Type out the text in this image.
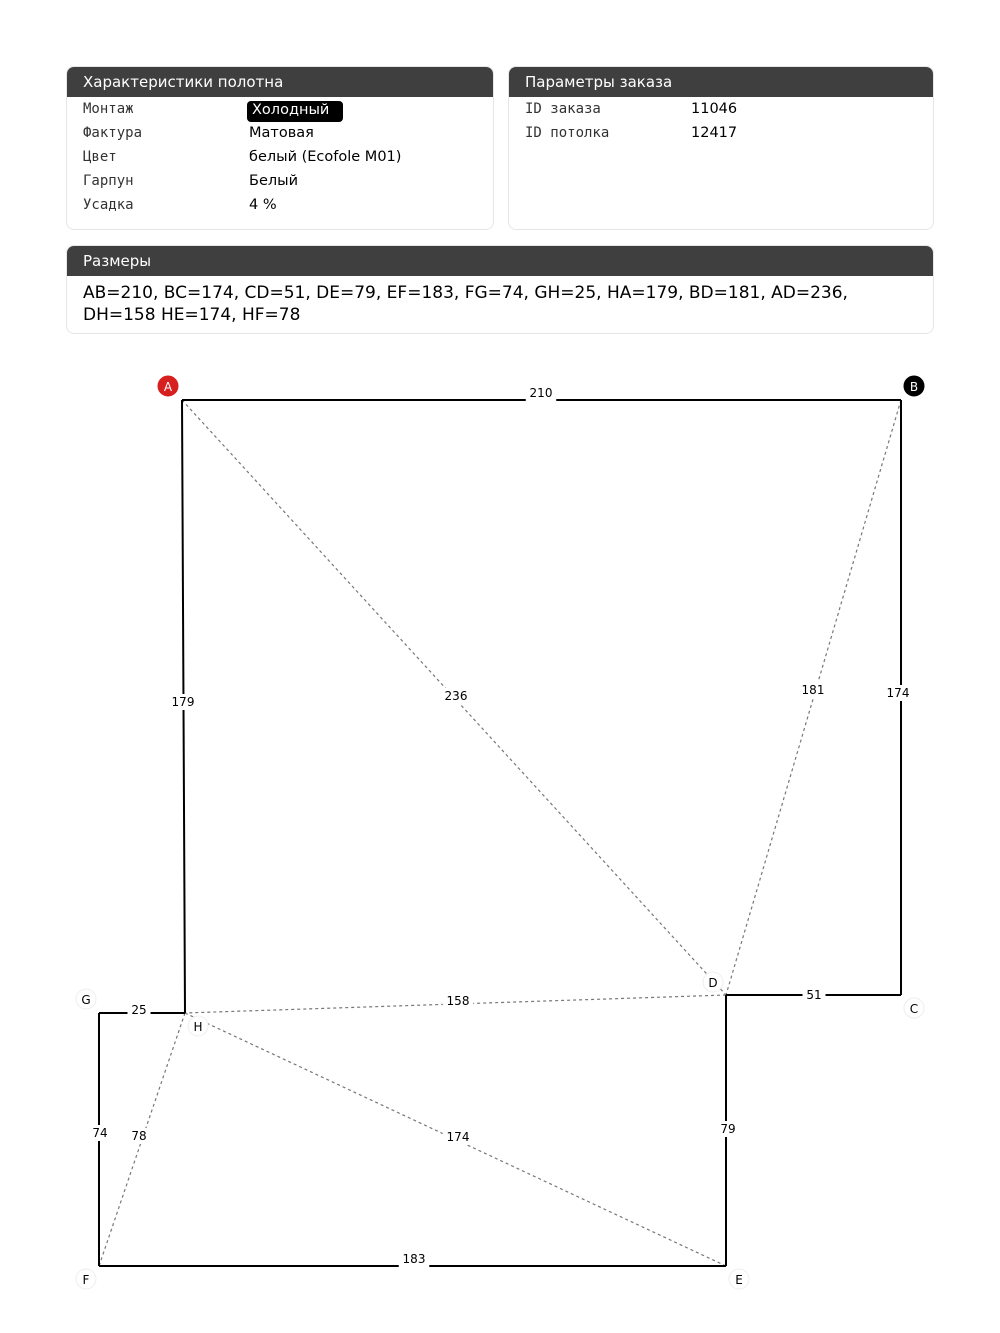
Характеристики полотна
Монтаж	Холодный
Фактура	Матовая
Цвет	белый (Ecofole M01)
Гарпун	Белый
Усадка	4 %
Параметры заказа
ID заказа	11046
ID потолка	12417
Размеры
AB=210, BC=174, CD=51, DE=79, EF=183, FG=74, GH=25, HA=179, BD=181, AD=236, DH=158 HE=174, HF=78
181
236
158
174
78
210
174
51
79
183
74
25
179
A	B
C
D
E
F
G
H
